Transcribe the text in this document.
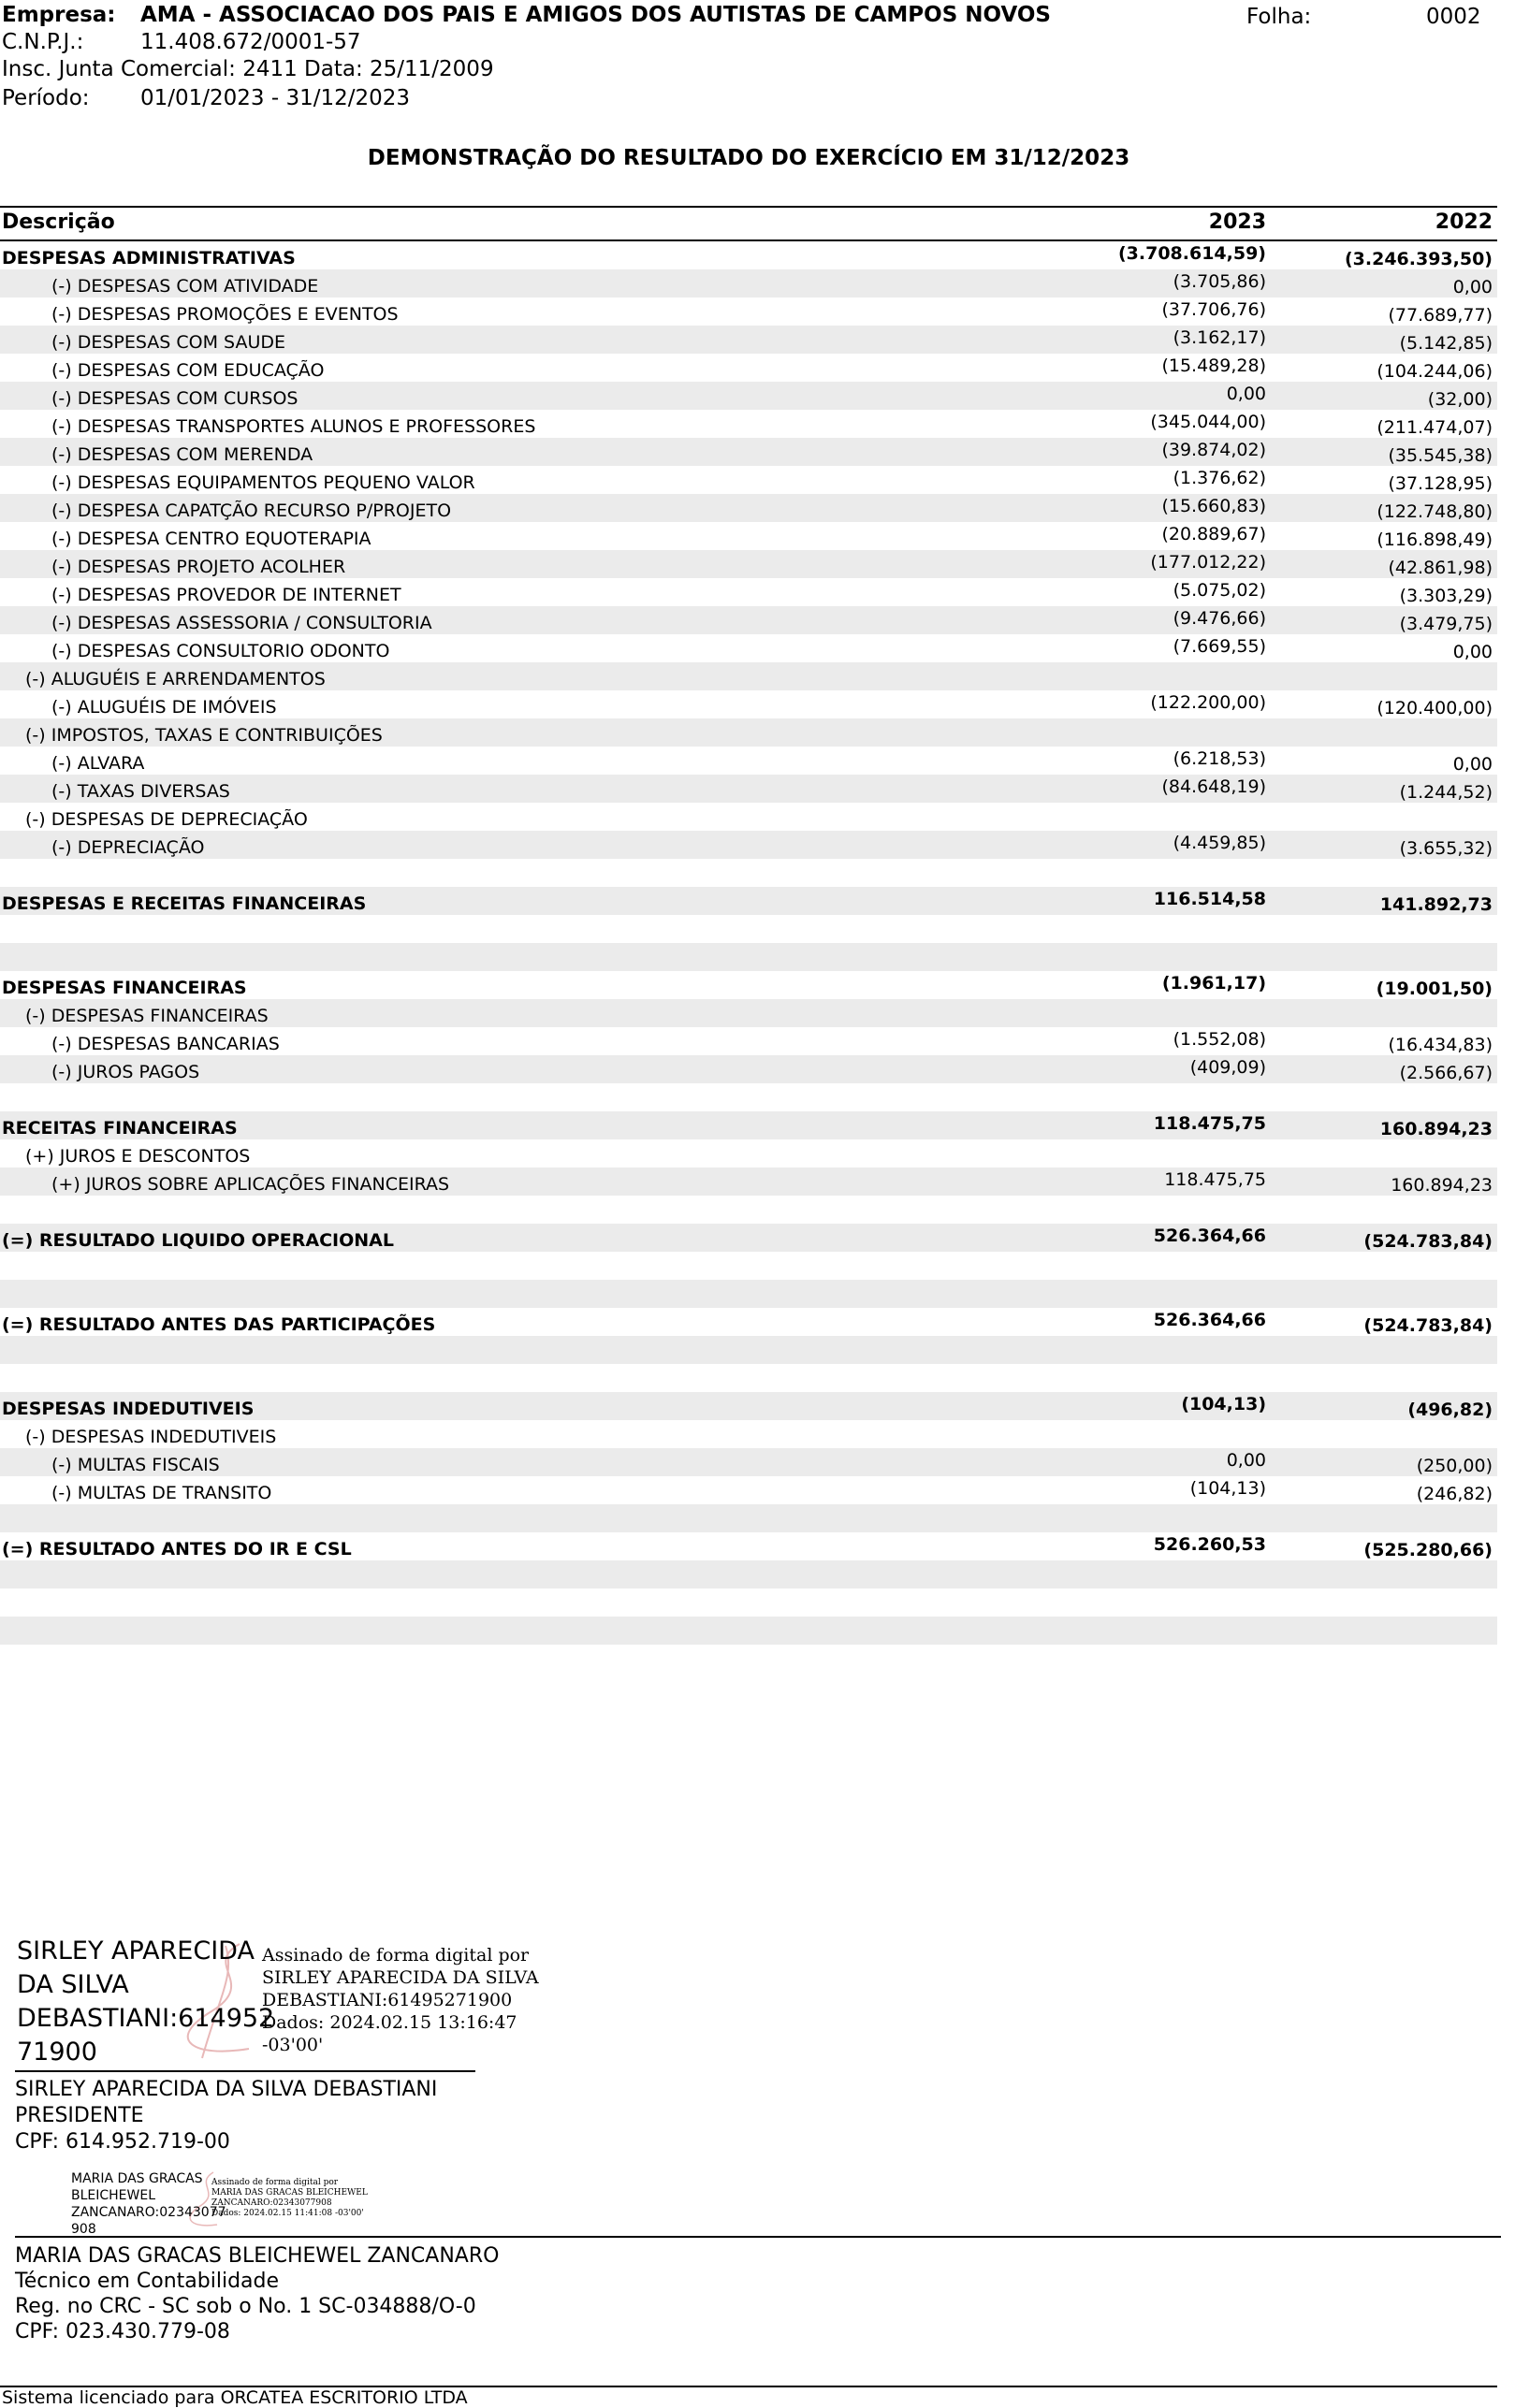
Empresa: AMA - ASSOCIACAO DOS PAIS E AMIGOS DOS AUTISTAS DE CAMPOS NOVOS	Folha:	0002
C.N.P.J.:	11.408.672/0001-57
Insc. Junta Comercial: 2411 Data: 25/11/2009
Período: 01/01/2023 - 31/12/2023
DEMONSTRAÇÃO DO RESULTADO DO EXERCÍCIO EM 31/12/2023
Descrição	2023	2022
DESPESAS ADMINISTRATIVAS	(3.708.614,59)	(3.246.393,50)
(-) DESPESAS COM ATIVIDADE	(3.705,86)	0,00
(-) DESPESAS PROMOÇÕES E EVENTOS	(37.706,76)	(77.689,77)
(-) DESPESAS COM SAUDE	(3.162,17)	(5.142,85)
(-) DESPESAS COM EDUCAÇÃO	(15.489,28)	(104.244,06)
(-) DESPESAS COM CURSOS	0,00	(32,00)
(-) DESPESAS TRANSPORTES ALUNOS E PROFESSORES	(345.044,00)	(211.474,07)
(-) DESPESAS COM MERENDA	(39.874,02)	(35.545,38)
(-) DESPESAS EQUIPAMENTOS PEQUENO VALOR	(1.376,62)	(37.128,95)
(-) DESPESA CAPATÇÃO RECURSO P/PROJETO	(15.660,83)	(122.748,80)
(-) DESPESA CENTRO EQUOTERAPIA	(20.889,67)	(116.898,49)
(-) DESPESAS PROJETO ACOLHER	(177.012,22)	(42.861,98)
(-) DESPESAS PROVEDOR DE INTERNET	(5.075,02)	(3.303,29)
(-) DESPESAS ASSESSORIA / CONSULTORIA	(9.476,66)	(3.479,75)
(-) DESPESAS CONSULTORIO ODONTO	(7.669,55)	0,00
(-) ALUGUÉIS E ARRENDAMENTOS
(-) ALUGUÉIS DE IMÓVEIS	(122.200,00)	(120.400,00)
(-) IMPOSTOS, TAXAS E CONTRIBUIÇÕES
(-) ALVARA	(6.218,53)	0,00
(-) TAXAS DIVERSAS	(84.648,19)	(1.244,52)
(-) DESPESAS DE DEPRECIAÇÃO
(-) DEPRECIAÇÃO	(4.459,85)	(3.655,32)
DESPESAS E RECEITAS FINANCEIRAS	116.514,58	141.892,73
DESPESAS FINANCEIRAS	(1.961,17)	(19.001,50)
(-) DESPESAS FINANCEIRAS
(-) DESPESAS BANCARIAS	(1.552,08)	(16.434,83)
(-) JUROS PAGOS	(409,09)	(2.566,67)
RECEITAS FINANCEIRAS	118.475,75	160.894,23
(+) JUROS E DESCONTOS
(+) JUROS SOBRE APLICAÇÕES FINANCEIRAS	118.475,75	160.894,23
(=) RESULTADO LIQUIDO OPERACIONAL	526.364,66	(524.783,84)
(=) RESULTADO ANTES DAS PARTICIPAÇÕES	526.364,66	(524.783,84)
DESPESAS INDEDUTIVEIS	(104,13)	(496,82)
(-) DESPESAS INDEDUTIVEIS
(-) MULTAS FISCAIS	0,00	(250,00)
(-) MULTAS DE TRANSITO	(104,13)	(246,82)
(=) RESULTADO ANTES DO IR E CSL	526.260,53	(525.280,66)
SIRLEY APARECIDA
DA SILVA
DEBASTIANI:614952
71900
Assinado de forma digital por
SIRLEY APARECIDA DA SILVA
DEBASTIANI:61495271900
Dados: 2024.02.15 13:16:47
-03'00'
SIRLEY APARECIDA DA SILVA DEBASTIANI
PRESIDENTE
CPF: 614.952.719-00
MARIA DAS GRACAS
BLEICHEWEL
ZANCANARO:02343077
908
Assinado de forma digital por
MARIA DAS GRACAS BLEICHEWEL
ZANCANARO:02343077908
Dados: 2024.02.15 11:41:08 -03'00'
MARIA DAS GRACAS BLEICHEWEL ZANCANARO
Técnico em Contabilidade
Reg. no CRC - SC sob o No. 1 SC-034888/O-0
CPF: 023.430.779-08
Sistema licenciado para ORCATEA ESCRITORIO LTDA
